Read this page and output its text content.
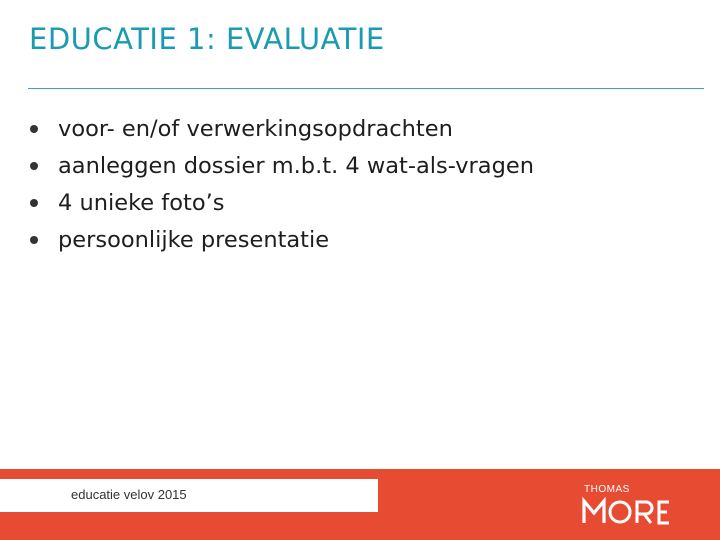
EDUCATIE 1: EVALUATIE
voor- en/of verwerkingsopdrachten
aanleggen dossier m.b.t. 4 wat-als-vragen
4 unieke foto’s
persoonlijke presentatie
educatie velov 2015	THOMAS
